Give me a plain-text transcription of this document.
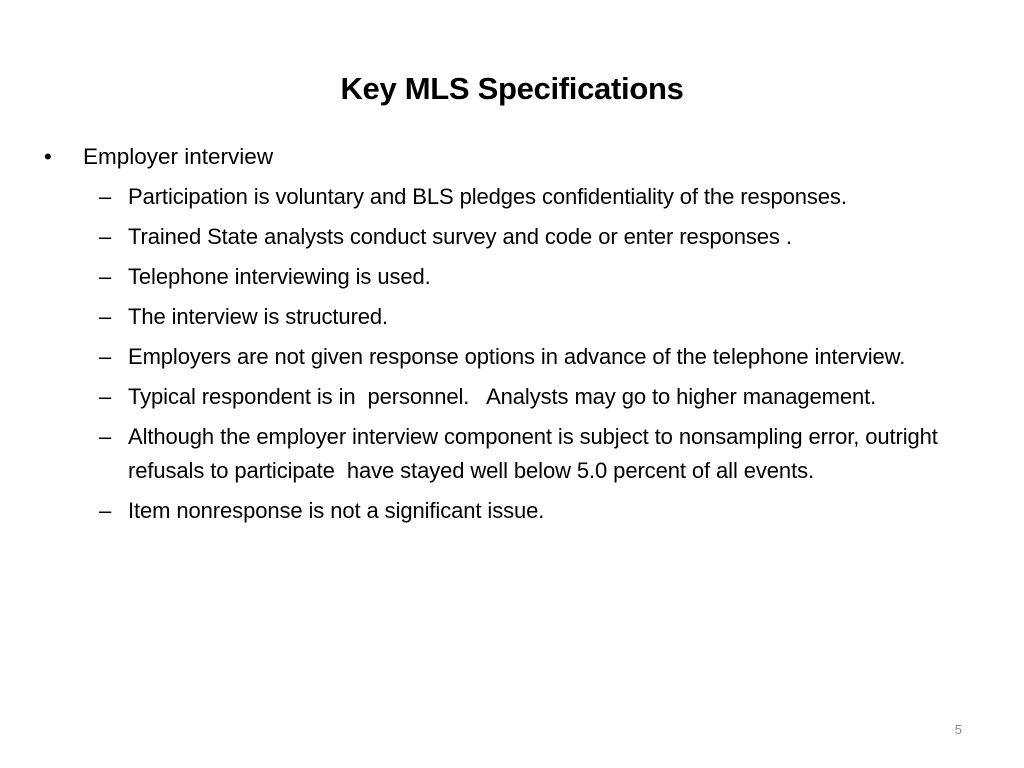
Key MLS Specifications
•	Employer interview
– Participation is voluntary and BLS pledges confidentiality of the responses.
– Trained State analysts conduct survey and code or enter responses .
– Telephone interviewing is used.
– The interview is structured.
– Employers are not given response options in advance of the telephone interview.
– Typical respondent is in  personnel.   Analysts may go to higher management.
– Although the employer interview component is subject to nonsampling error, outright refusals to participate  have stayed well below 5.0 percent of all events.
– Item nonresponse is not a significant issue.
5
